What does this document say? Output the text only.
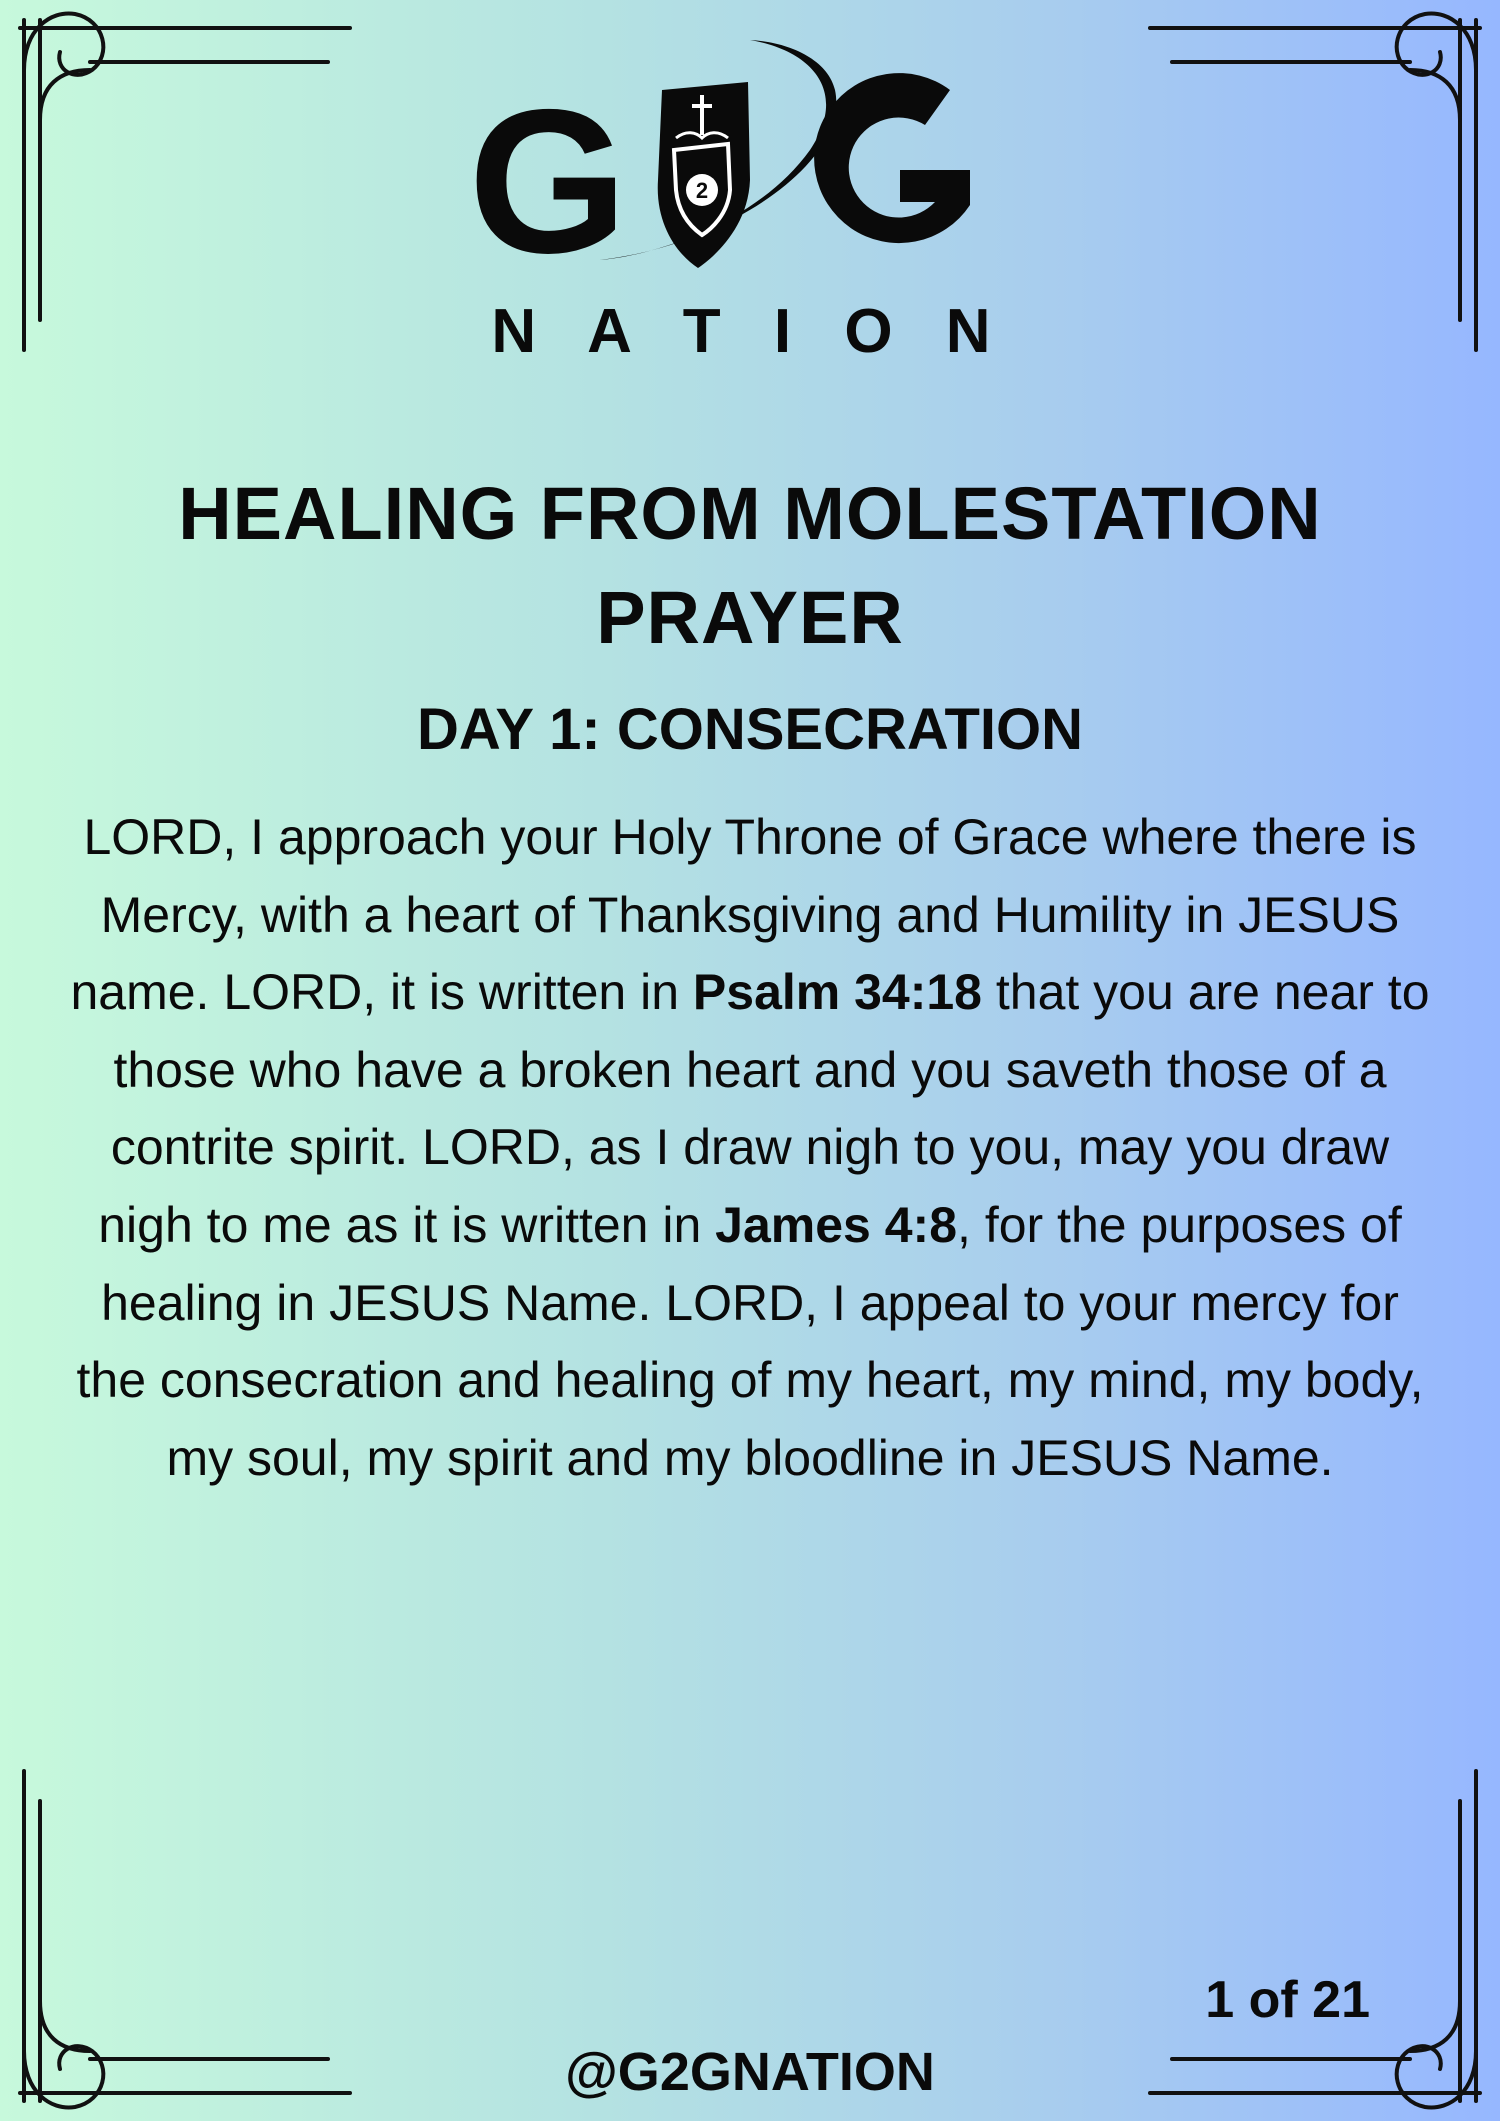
G	2
N A T I O N
HEALING FROM MOLESTATION PRAYER
DAY 1: CONSECRATION

LORD, I approach your Holy Throne of Grace where there is Mercy, with a heart of Thanksgiving and Humility in JESUS name. LORD, it is written in Psalm 34:18 that you are near to those who have a broken heart and you saveth those of a contrite spirit. LORD, as I draw nigh to you, may you draw nigh to me as it is written in James 4:8, for the purposes of healing in JESUS Name. LORD, I appeal to your mercy for the consecration and healing of my heart, my mind, my body, my soul, my spirit and my bloodline in JESUS Name.

1 of 21
@G2GNATION
